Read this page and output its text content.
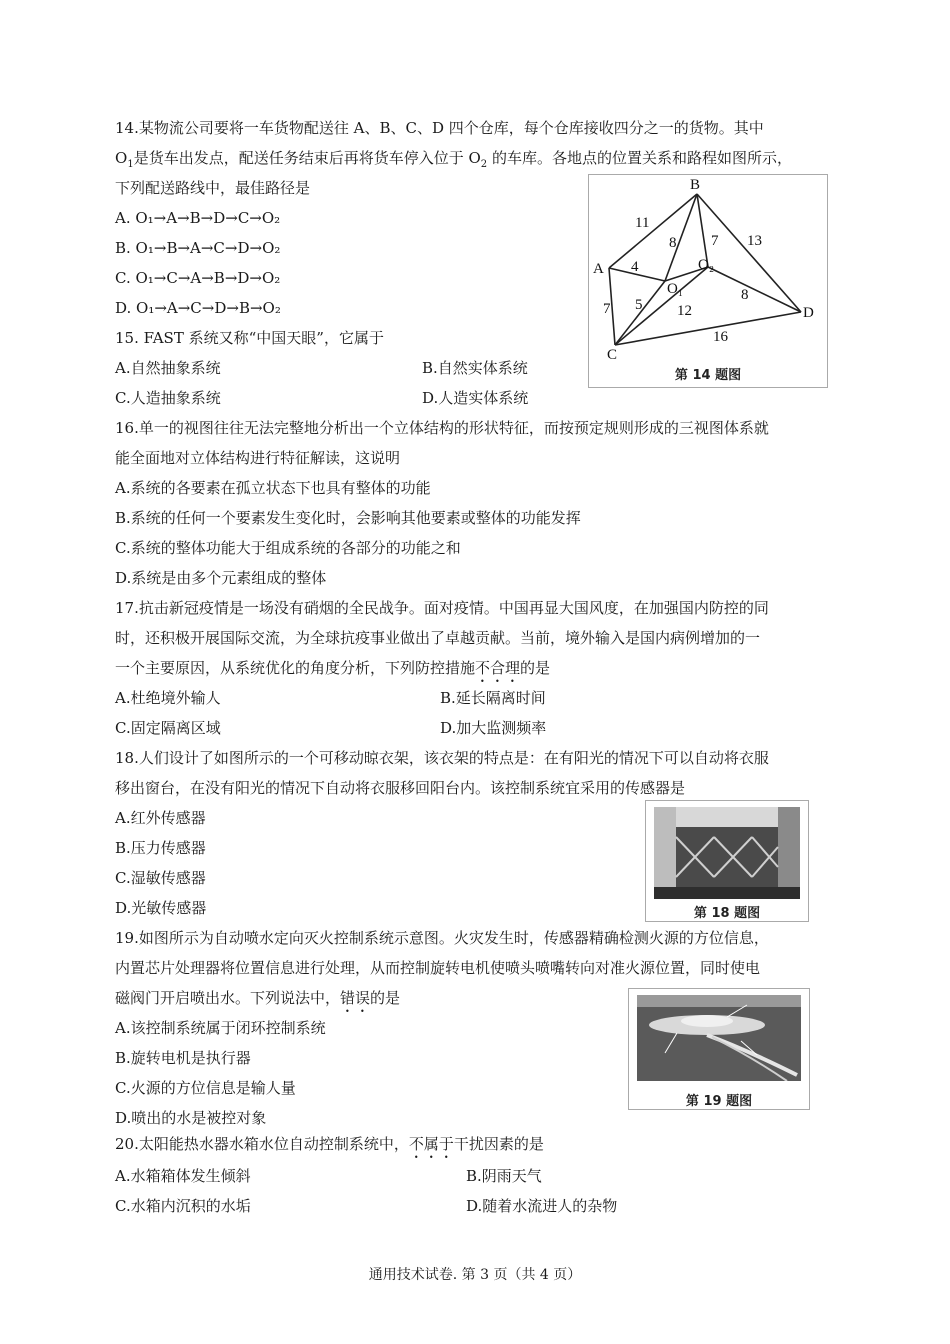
14.某物流公司要将一车货物配送往 A、B、C、D 四个仓库，每个仓库接收四分之一的货物。其中
$O_1$是货车出发点，配送任务结束后再将货车停入位于 $O_2$ 的车库。各地点的位置关系和路程如图所示，
下列配送路线中，最佳路径是
A. O₁→A→B→D→C→O₂
B. O₁→B→A→C→D→O₂
C. O₁→C→A→B→D→O₂
D. O₁→A→C→D→B→O₂
A
B
C
D
O₁
O₂
11
8 7 13
4
7 5 12
8
16
第 14 题图
15. FAST 系统又称“中国天眼”，它属于
A.自然抽象系统	B.自然实体系统
C.人造抽象系统	D.人造实体系统
16.单一的视图往往无法完整地分析出一个立体结构的形状特征，而按预定规则形成的三视图体系就
能全面地对立体结构进行特征解读，这说明
A.系统的各要素在孤立状态下也具有整体的功能
B.系统的任何一个要素发生变化时，会影响其他要素或整体的功能发挥
C.系统的整体功能大于组成系统的各部分的功能之和
D.系统是由多个元素组成的整体
17.抗击新冠疫情是一场没有硝烟的全民战争。面对疫情。中国再显大国风度，在加强国内防控的同
时，还积极开展国际交流，为全球抗疫事业做出了卓越贡献。当前，境外输入是国内病例增加的一
一个主要原因，从系统优化的角度分析，下列防控措施不合理的是
A.杜绝境外输人	B.延长隔离时间
C.固定隔离区域	D.加大监测频率
18.人们设计了如图所示的一个可移动晾衣架，该衣架的特点是：在有阳光的情况下可以自动将衣服
移出窗台，在没有阳光的情况下自动将衣服移回阳台内。该控制系统宜采用的传感器是
A.红外传感器
B.压力传感器
C.湿敏传感器
D.光敏传感器	第 18 题图
19.如图所示为自动喷水定向灭火控制系统示意图。火灾发生时，传感器精确检测火源的方位信息，
内置芯片处理器将位置信息进行处理，从而控制旋转电机使喷头喷嘴转向对准火源位置，同时使电
磁阀门开启喷出水。下列说法中，错误的是
A.该控制系统属于闭环控制系统
B.旋转电机是执行器
C.火源的方位信息是输人量
D.喷出的水是被控对象
第 19 题图
20.太阳能热水器水箱水位自动控制系统中，不属于干扰因素的是
A.水箱箱体发生倾斜	B.阴雨天气
C.水箱内沉积的水垢	D.随着水流进人的杂物
通用技术试卷. 第 3 页（共 4 页）
